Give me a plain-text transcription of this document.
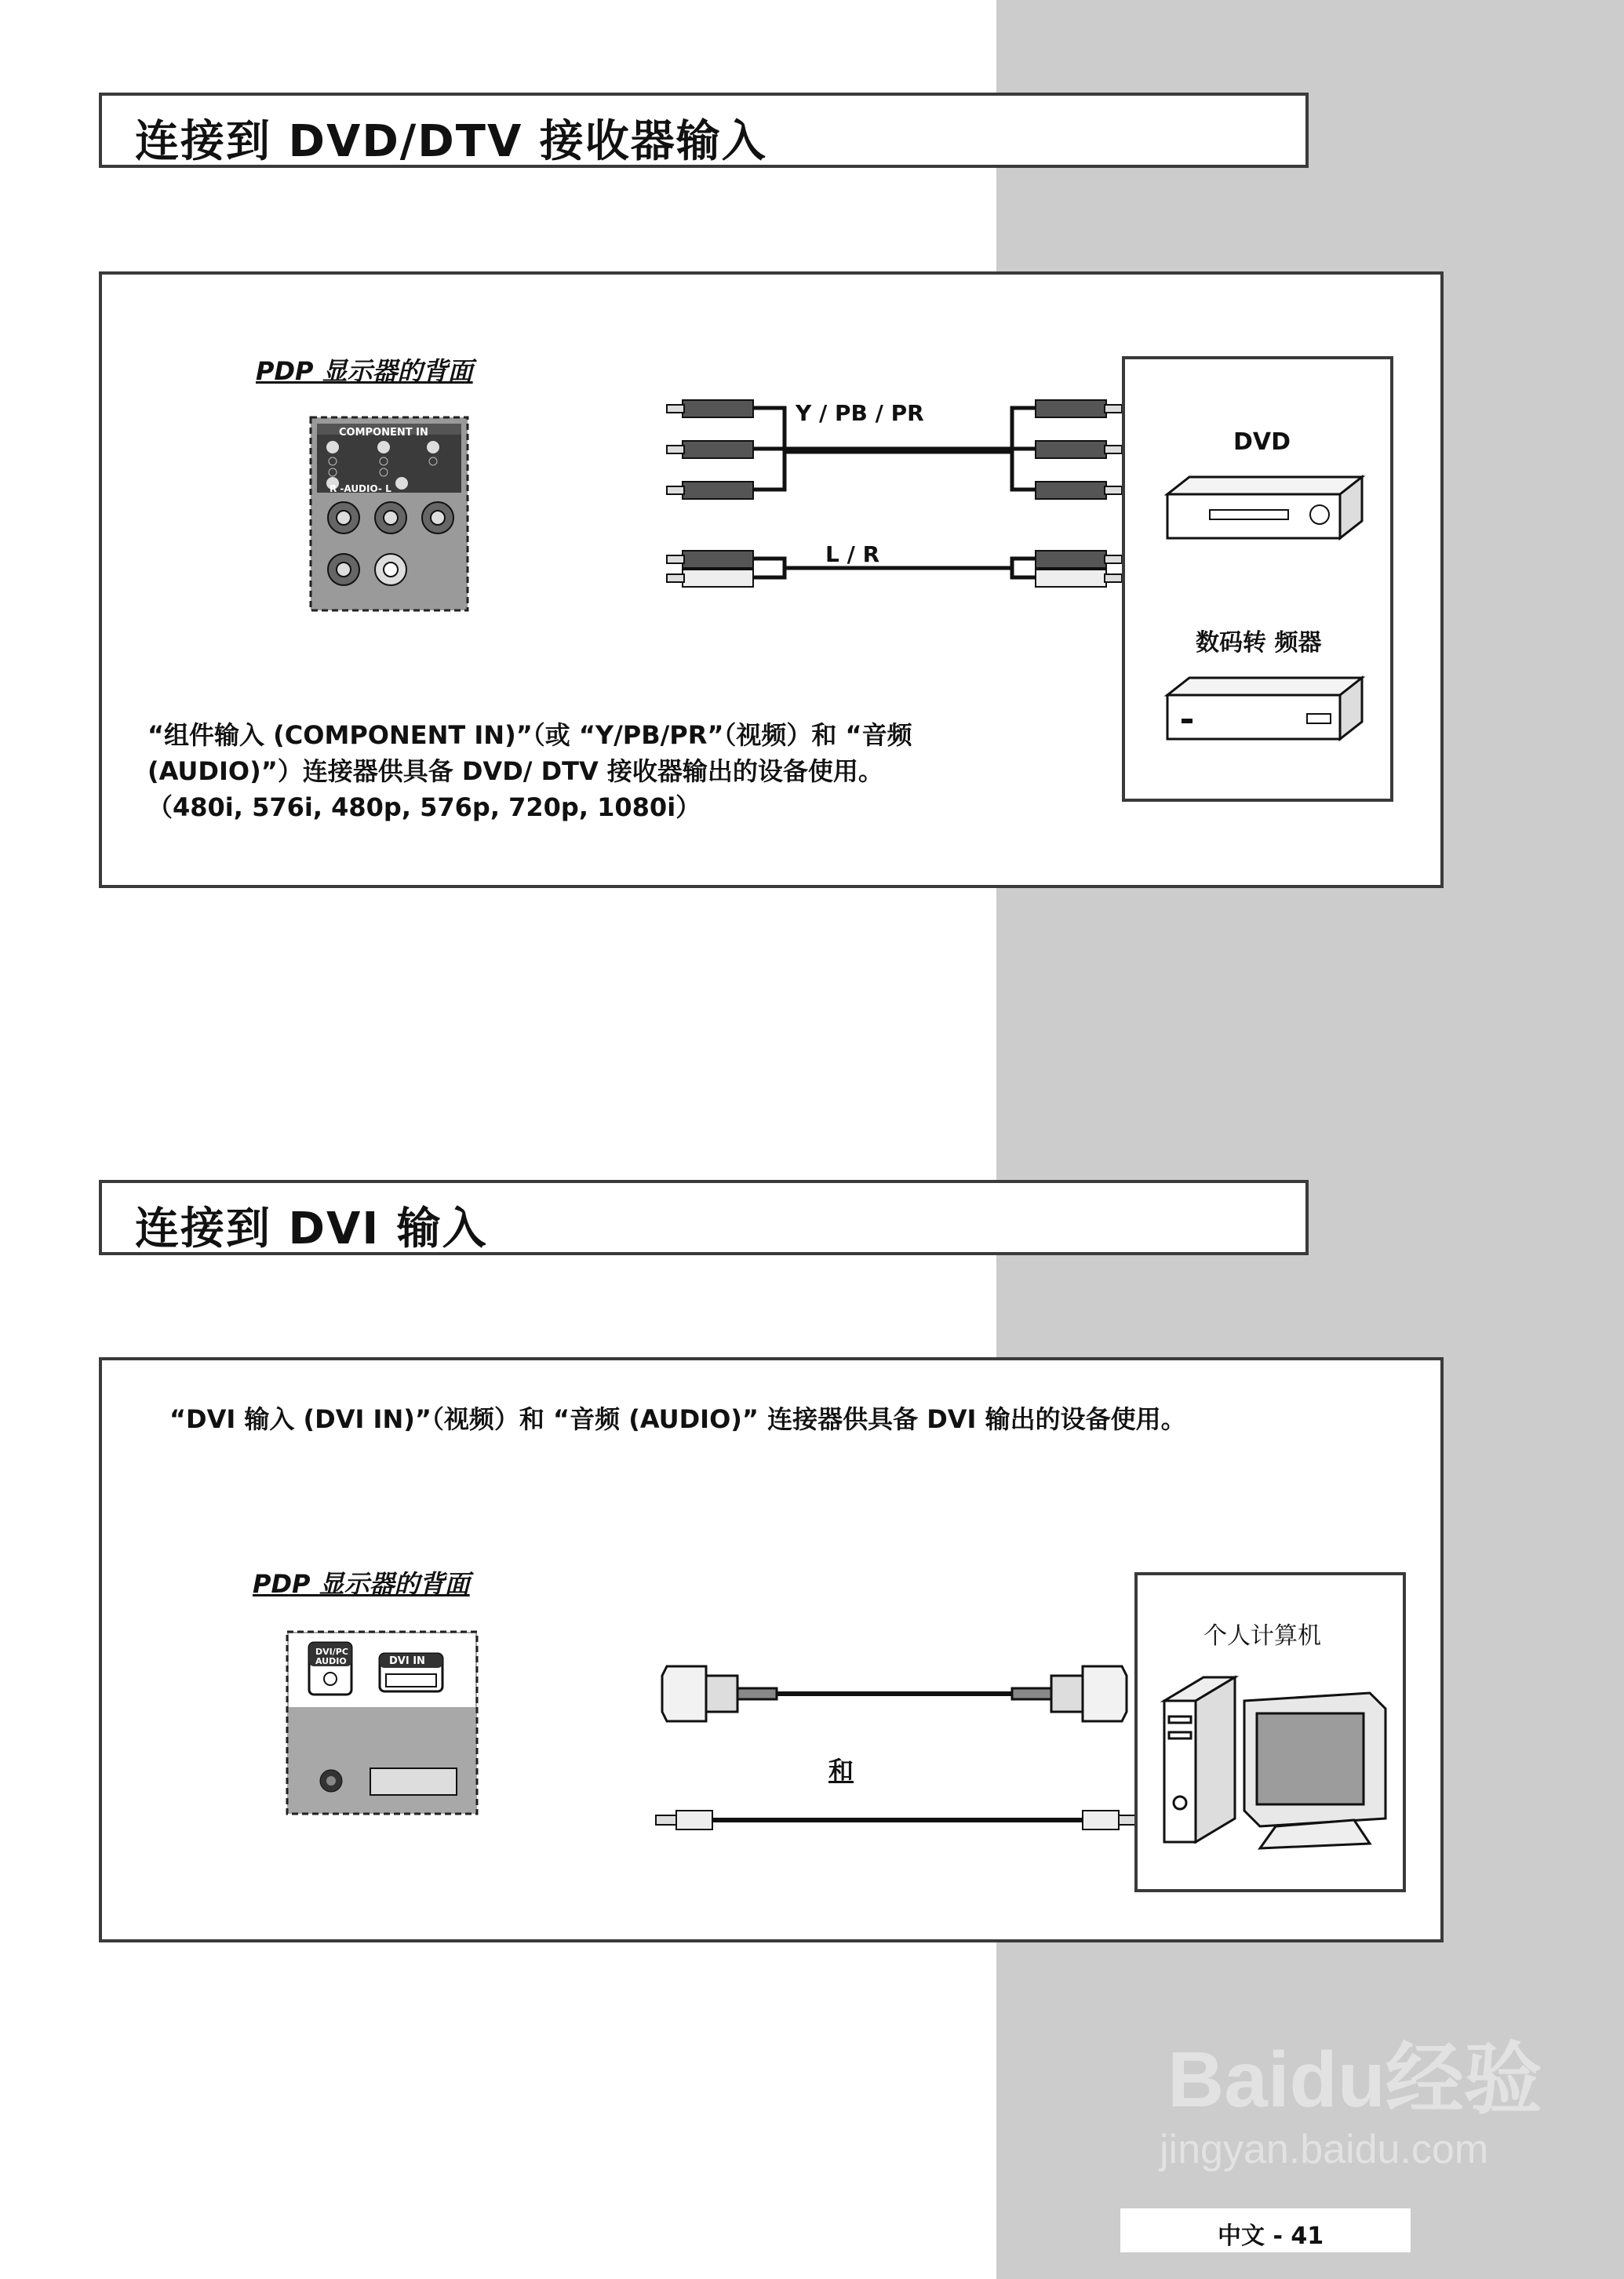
连接到 DVD/DTV 接收器输入
PDP 显示器的背面
COMPONENT IN
R -AUDIO- L
Y / PB / PR
L / R
DVD
数码转 频器
“组件输入 (COMPONENT IN)”（或 “Y/PB/PR”（视频）和 “音频
(AUDIO)”）连接器供具备 DVD/ DTV 接收器输出的设备使用。
（480i, 576i, 480p, 576p, 720p, 1080i）
连接到 DVI 输入
“DVI 输入 (DVI IN)”（视频）和 “音频 (AUDIO)” 连接器供具备 DVI 输出的设备使用。
PDP 显示器的背面
DVI/PC AUDIO IN
DVI IN
和
个人计算机
Baidu经验
jingyan.baidu.com
中文 - 41
